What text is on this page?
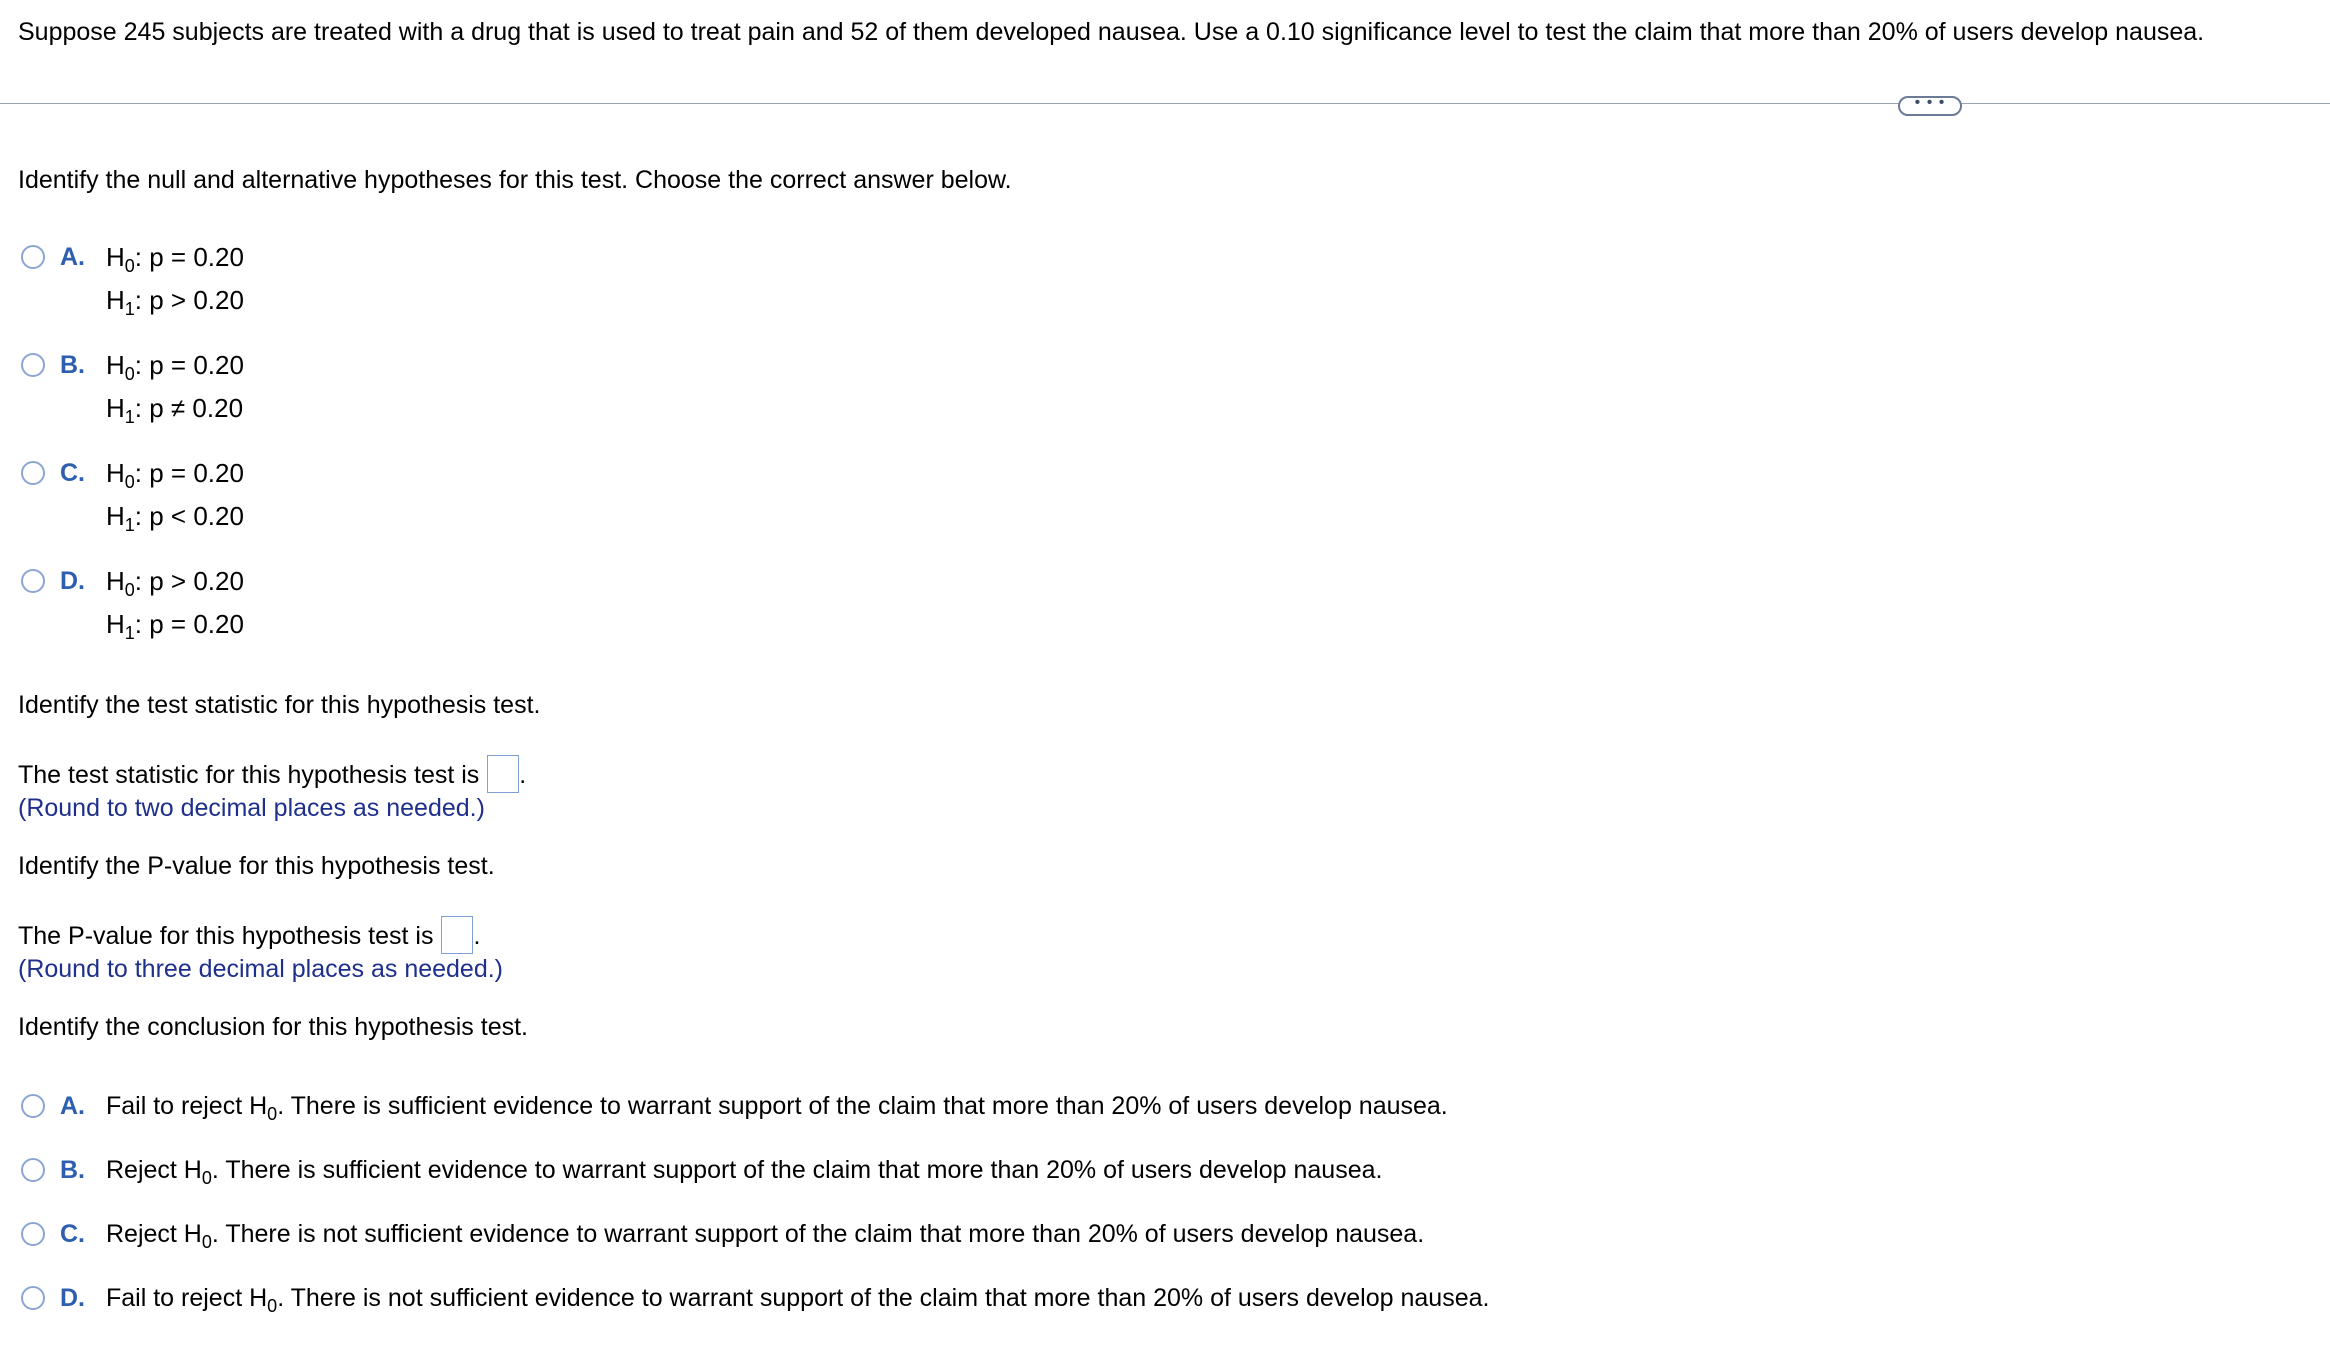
Suppose 245 subjects are treated with a drug that is used to treat pain and 52 of them developed nausea. Use a 0.10 significance level to test the claim that more than 20% of users develop nausea.
• • •
Identify the null and alternative hypotheses for this test. Choose the correct answer below.
A. $H_0$: p = 0.20
$H_1$: p > 0.20
B. $H_0$: p = 0.20
$H_1$: p ≠ 0.20
C. $H_0$: p = 0.20
$H_1$: p < 0.20
D. $H_0$: p > 0.20
$H_1$: p = 0.20
Identify the test statistic for this hypothesis test.
The test statistic for this hypothesis test is .
(Round to two decimal places as needed.)
Identify the P-value for this hypothesis test.
The P-value for this hypothesis test is .
(Round to three decimal places as needed.)
Identify the conclusion for this hypothesis test.
A. Fail to reject $H_0$. There is sufficient evidence to warrant support of the claim that more than 20% of users develop nausea.
B. Reject $H_0$. There is sufficient evidence to warrant support of the claim that more than 20% of users develop nausea.
C. Reject $H_0$. There is not sufficient evidence to warrant support of the claim that more than 20% of users develop nausea.
D. Fail to reject $H_0$. There is not sufficient evidence to warrant support of the claim that more than 20% of users develop nausea.
